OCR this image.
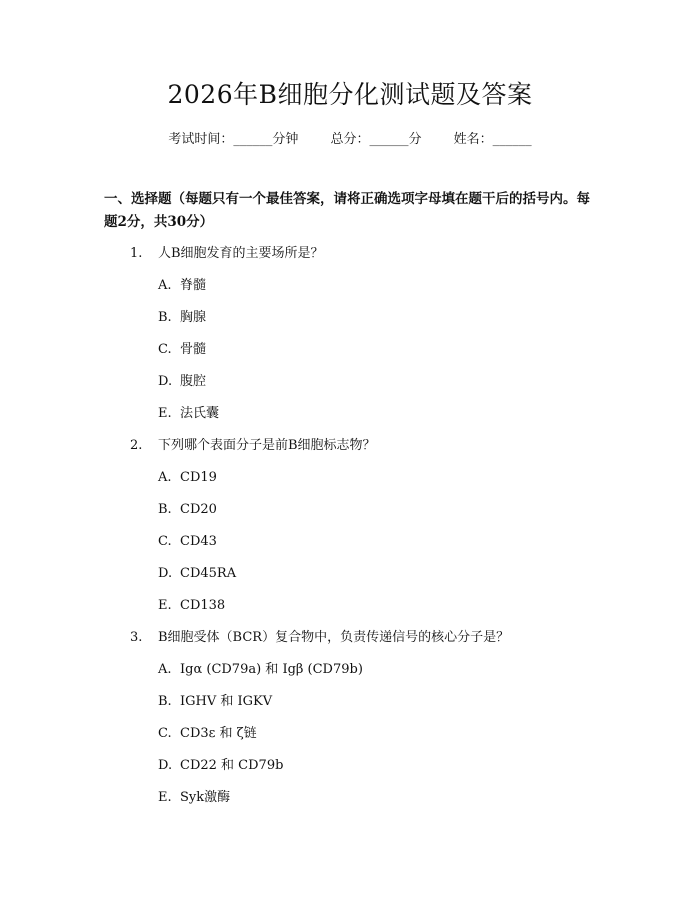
2026年B细胞分化测试题及答案
考试时间：______分钟 总分：______分 姓名：______
一、选择题（每题只有一个最佳答案，请将正确选项字母填在题干后的括号内。每题2分，共30分）
1. 人B细胞发育的主要场所是？
A. 脊髓
B. 胸腺
C. 骨髓
D. 腹腔
E. 法氏囊
2. 下列哪个表面分子是前B细胞标志物？
A. CD19
B. CD20
C. CD43
D. CD45RA
E. CD138
3. B细胞受体（BCR）复合物中，负责传递信号的核心分子是？
A. Igα (CD79a) 和 Igβ (CD79b)
B. IGHV 和 IGKV
C. CD3ε 和 ζ链
D. CD22 和 CD79b
E. Syk激酶
